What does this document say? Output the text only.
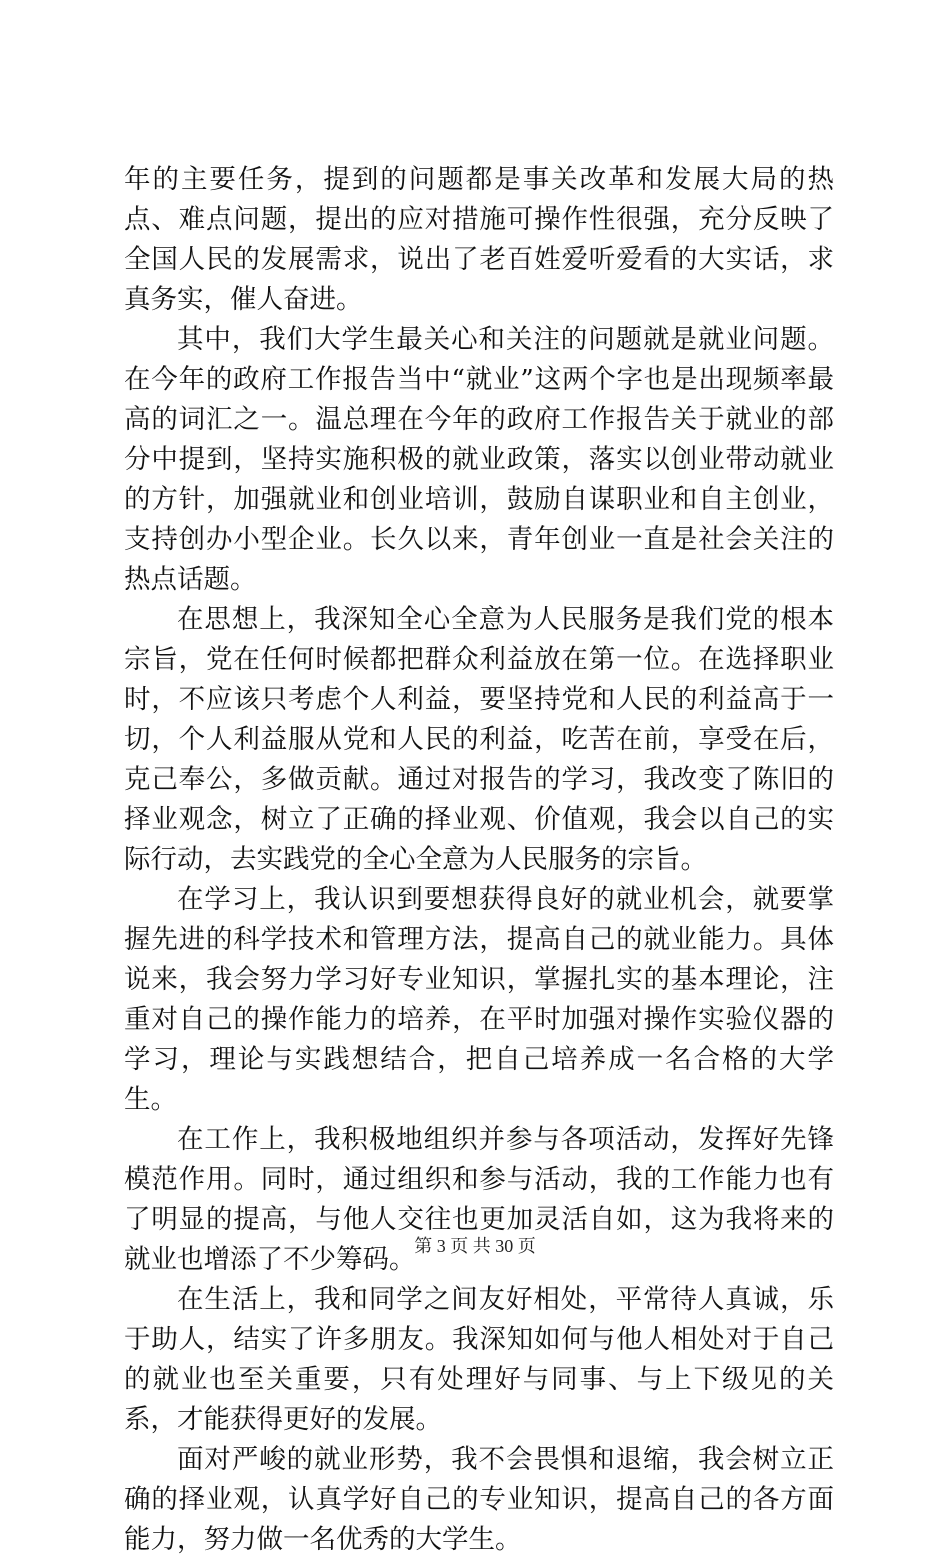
年的主要任务，提到的问题都是事关改革和发展大局的热点、难点问题，提出的应对措施可操作性很强，充分反映了全国人民的发展需求，说出了老百姓爱听爱看的大实话，求真务实，催人奋进。

其中，我们大学生最关心和关注的问题就是就业问题。在今年的政府工作报告当中“就业”这两个字也是出现频率最高的词汇之一。温总理在今年的政府工作报告关于就业的部分中提到，坚持实施积极的就业政策，落实以创业带动就业的方针，加强就业和创业培训，鼓励自谋职业和自主创业，支持创办小型企业。长久以来，青年创业一直是社会关注的热点话题。

在思想上，我深知全心全意为人民服务是我们党的根本宗旨，党在任何时候都把群众利益放在第一位。在选择职业时，不应该只考虑个人利益，要坚持党和人民的利益高于一切，个人利益服从党和人民的利益，吃苦在前，享受在后，克己奉公，多做贡献。通过对报告的学习，我改变了陈旧的择业观念，树立了正确的择业观、价值观，我会以自己的实际行动，去实践党的全心全意为人民服务的宗旨。

在学习上，我认识到要想获得良好的就业机会，就要掌握先进的科学技术和管理方法，提高自己的就业能力。具体说来，我会努力学习好专业知识，掌握扎实的基本理论，注重对自己的操作能力的培养，在平时加强对操作实验仪器的学习，理论与实践想结合，把自己培养成一名合格的大学生。

在工作上，我积极地组织并参与各项活动，发挥好先锋模范作用。同时，通过组织和参与活动，我的工作能力也有了明显的提高，与他人交往也更加灵活自如，这为我将来的就业也增添了不少筹码。

在生活上，我和同学之间友好相处，平常待人真诚，乐于助人，结实了许多朋友。我深知如何与他人相处对于自己的就业也至关重要，只有处理好与同事、与上下级见的关系，才能获得更好的发展。

面对严峻的就业形势，我不会畏惧和退缩，我会树立正确的择业观，认真学好自己的专业知识，提高自己的各方面能力，努力做一名优秀的大学生。

第 3 页 共 30 页
